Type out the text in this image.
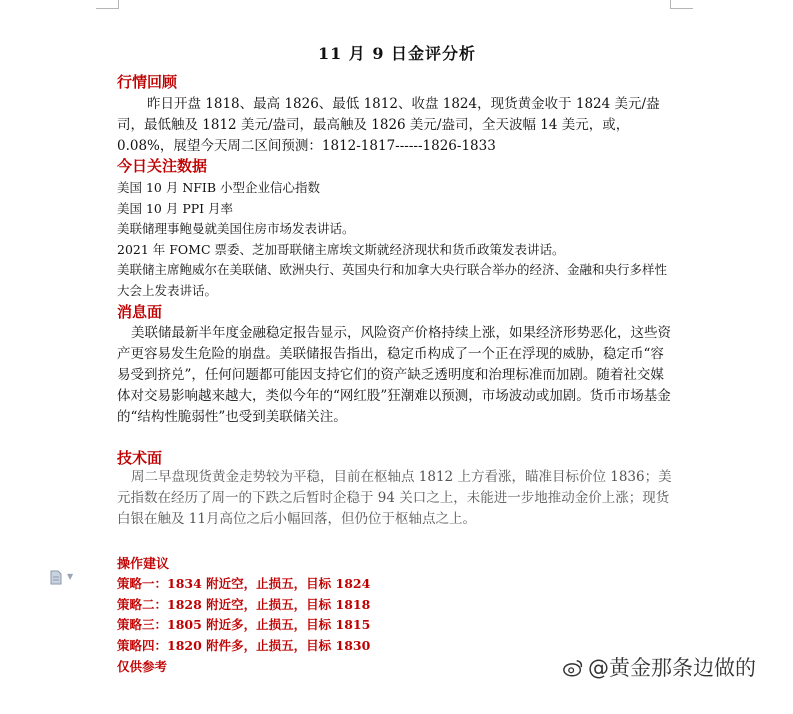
11 月 9 日金评分析
行情回顾
昨日开盘 1818、最高 1826、最低 1812、收盘 1824，现货黄金收于 1824 美元/盎司，最低触及 1812 美元/盎司，最高触及 1826 美元/盎司，全天波幅 14 美元，或，0.08%，展望今天周二区间预测：1812-1817------1826-1833
今日关注数据
美国 10 月 NFIB 小型企业信心指数
美国 10 月 PPI 月率
美联储理事鲍曼就美国住房市场发表讲话。
2021 年 FOMC 票委、芝加哥联储主席埃文斯就经济现状和货币政策发表讲话。
美联储主席鲍威尔在美联储、欧洲央行、英国央行和加拿大央行联合举办的经济、金融和央行多样性大会上发表讲话。
消息面
美联储最新半年度金融稳定报告显示，风险资产价格持续上涨，如果经济形势恶化，这些资产更容易发生危险的崩盘。美联储报告指出，稳定币构成了一个正在浮现的威胁，稳定币“容易受到挤兑”，任何问题都可能因支持它们的资产缺乏透明度和治理标准而加剧。随着社交媒体对交易影响越来越大，类似今年的“网红股”狂潮难以预测，市场波动或加剧。货币市场基金的“结构性脆弱性”也受到美联储关注。
技术面
周二早盘现货黄金走势较为平稳，目前在枢轴点 1812 上方看涨，瞄准目标价位 1836；美元指数在经历了周一的下跌之后暂时企稳于 94 关口之上，未能进一步地推动金价上涨；现货白银在触及 11月高位之后小幅回落，但仍位于枢轴点之上。
操作建议
策略一：1834 附近空，止损五，目标 1824
策略二：1828 附近空，止损五，目标 1818
策略三：1805 附近多，止损五，目标 1815
策略四：1820 附件多，止损五，目标 1830
仅供参考
▼
@黄金那条边做的
